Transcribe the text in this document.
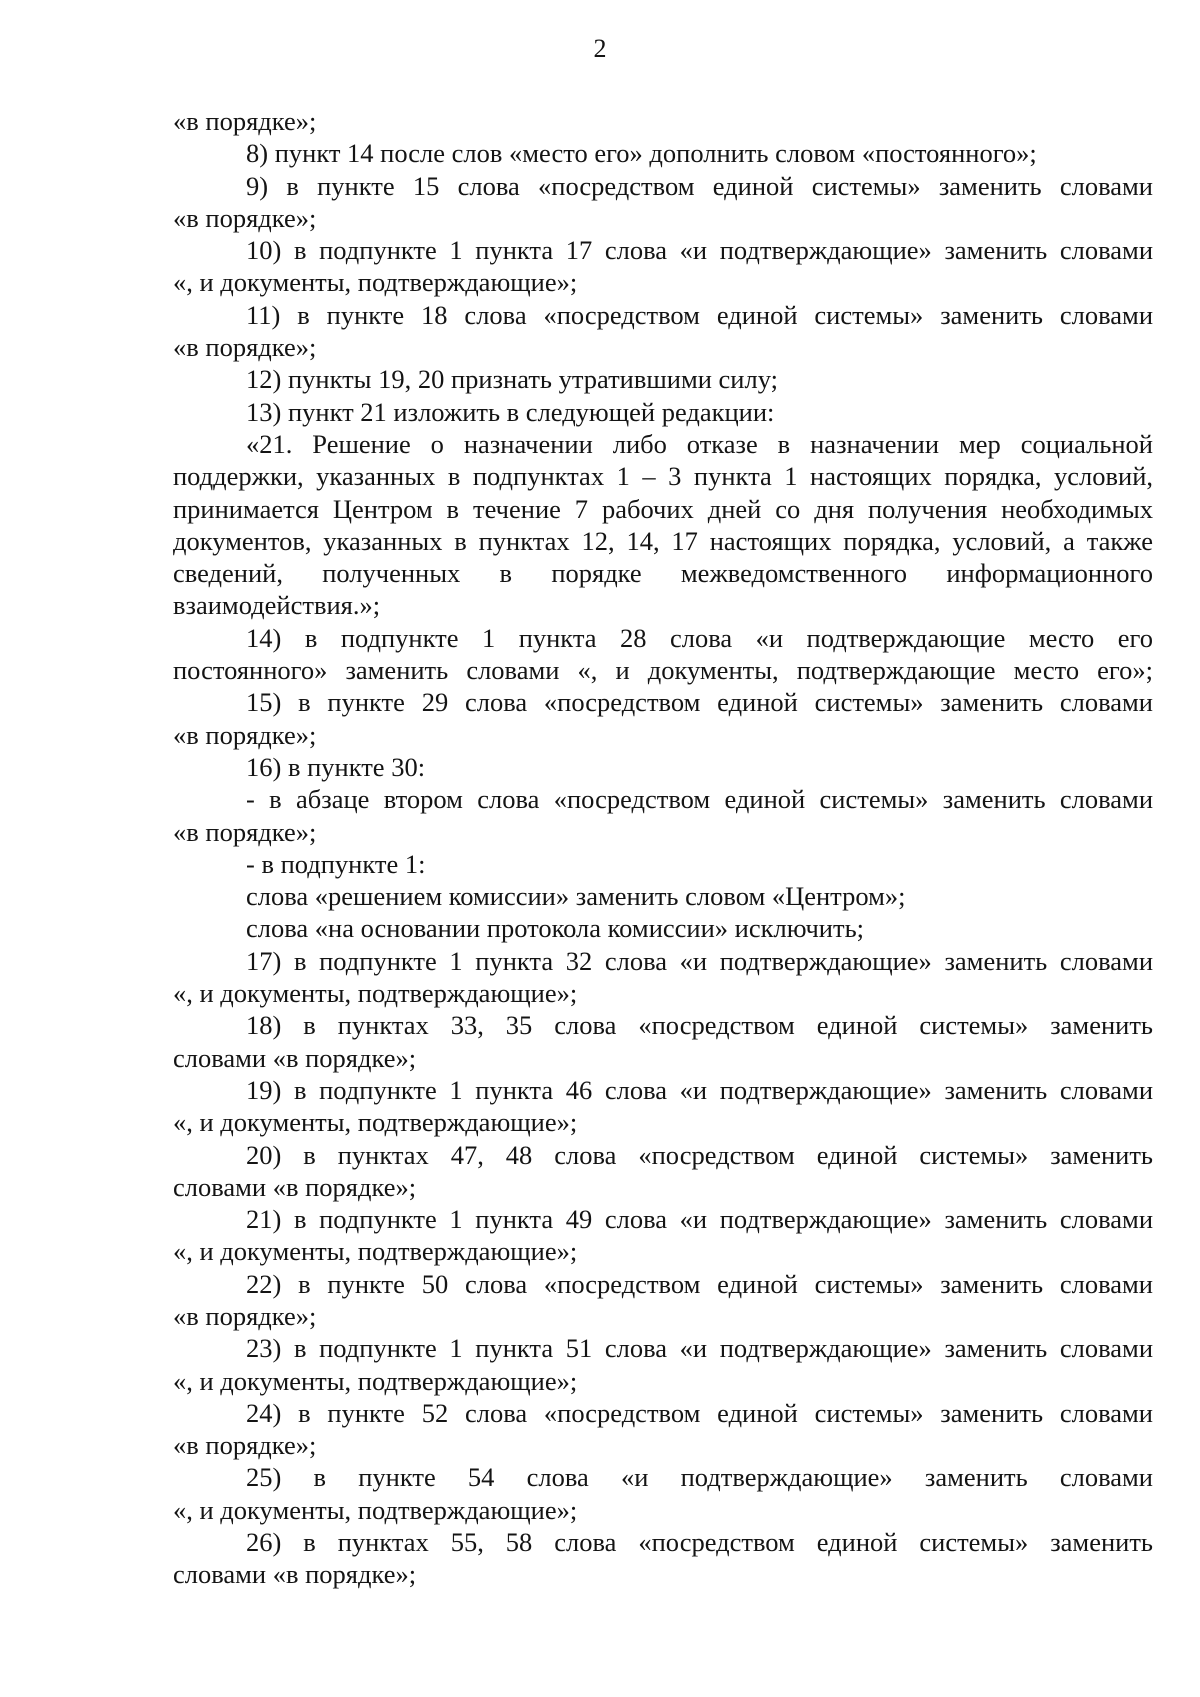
2
«в порядке»;
8) пункт 14 после слов «место его» дополнить словом «постоянного»;
9) в пункте 15 слова «посредством единой системы» заменить словами
«в порядке»;
10) в подпункте 1 пункта 17 слова «и подтверждающие» заменить словами
«, и документы, подтверждающие»;
11) в пункте 18 слова «посредством единой системы» заменить словами
«в порядке»;
12) пункты 19, 20 признать утратившими силу;
13) пункт 21 изложить в следующей редакции:
«21. Решение о назначении либо отказе в назначении мер социальной
поддержки, указанных в подпунктах 1 – 3 пункта 1 настоящих порядка, условий,
принимается Центром в течение 7 рабочих дней со дня получения необходимых
документов, указанных в пунктах 12, 14, 17 настоящих порядка, условий, а также
сведений, полученных в порядке межведомственного информационного
взаимодействия.»;
14) в подпункте 1 пункта 28 слова «и подтверждающие место его
постоянного» заменить словами «, и документы, подтверждающие место его»;
15) в пункте 29 слова «посредством единой системы» заменить словами
«в порядке»;
16) в пункте 30:
- в абзаце втором слова «посредством единой системы» заменить словами
«в порядке»;
- в подпункте 1:
слова «решением комиссии» заменить словом «Центром»;
слова «на основании протокола комиссии» исключить;
17) в подпункте 1 пункта 32 слова «и подтверждающие» заменить словами
«, и документы, подтверждающие»;
18) в пунктах 33, 35 слова «посредством единой системы» заменить
словами «в порядке»;
19) в подпункте 1 пункта 46 слова «и подтверждающие» заменить словами
«, и документы, подтверждающие»;
20) в пунктах 47, 48 слова «посредством единой системы» заменить
словами «в порядке»;
21) в подпункте 1 пункта 49 слова «и подтверждающие» заменить словами
«, и документы, подтверждающие»;
22) в пункте 50 слова «посредством единой системы» заменить словами
«в порядке»;
23) в подпункте 1 пункта 51 слова «и подтверждающие» заменить словами
«, и документы, подтверждающие»;
24) в пункте 52 слова «посредством единой системы» заменить словами
«в порядке»;
25) в пункте 54 слова «и подтверждающие» заменить словами
«, и документы, подтверждающие»;
26) в пунктах 55, 58 слова «посредством единой системы» заменить
словами «в порядке»;
